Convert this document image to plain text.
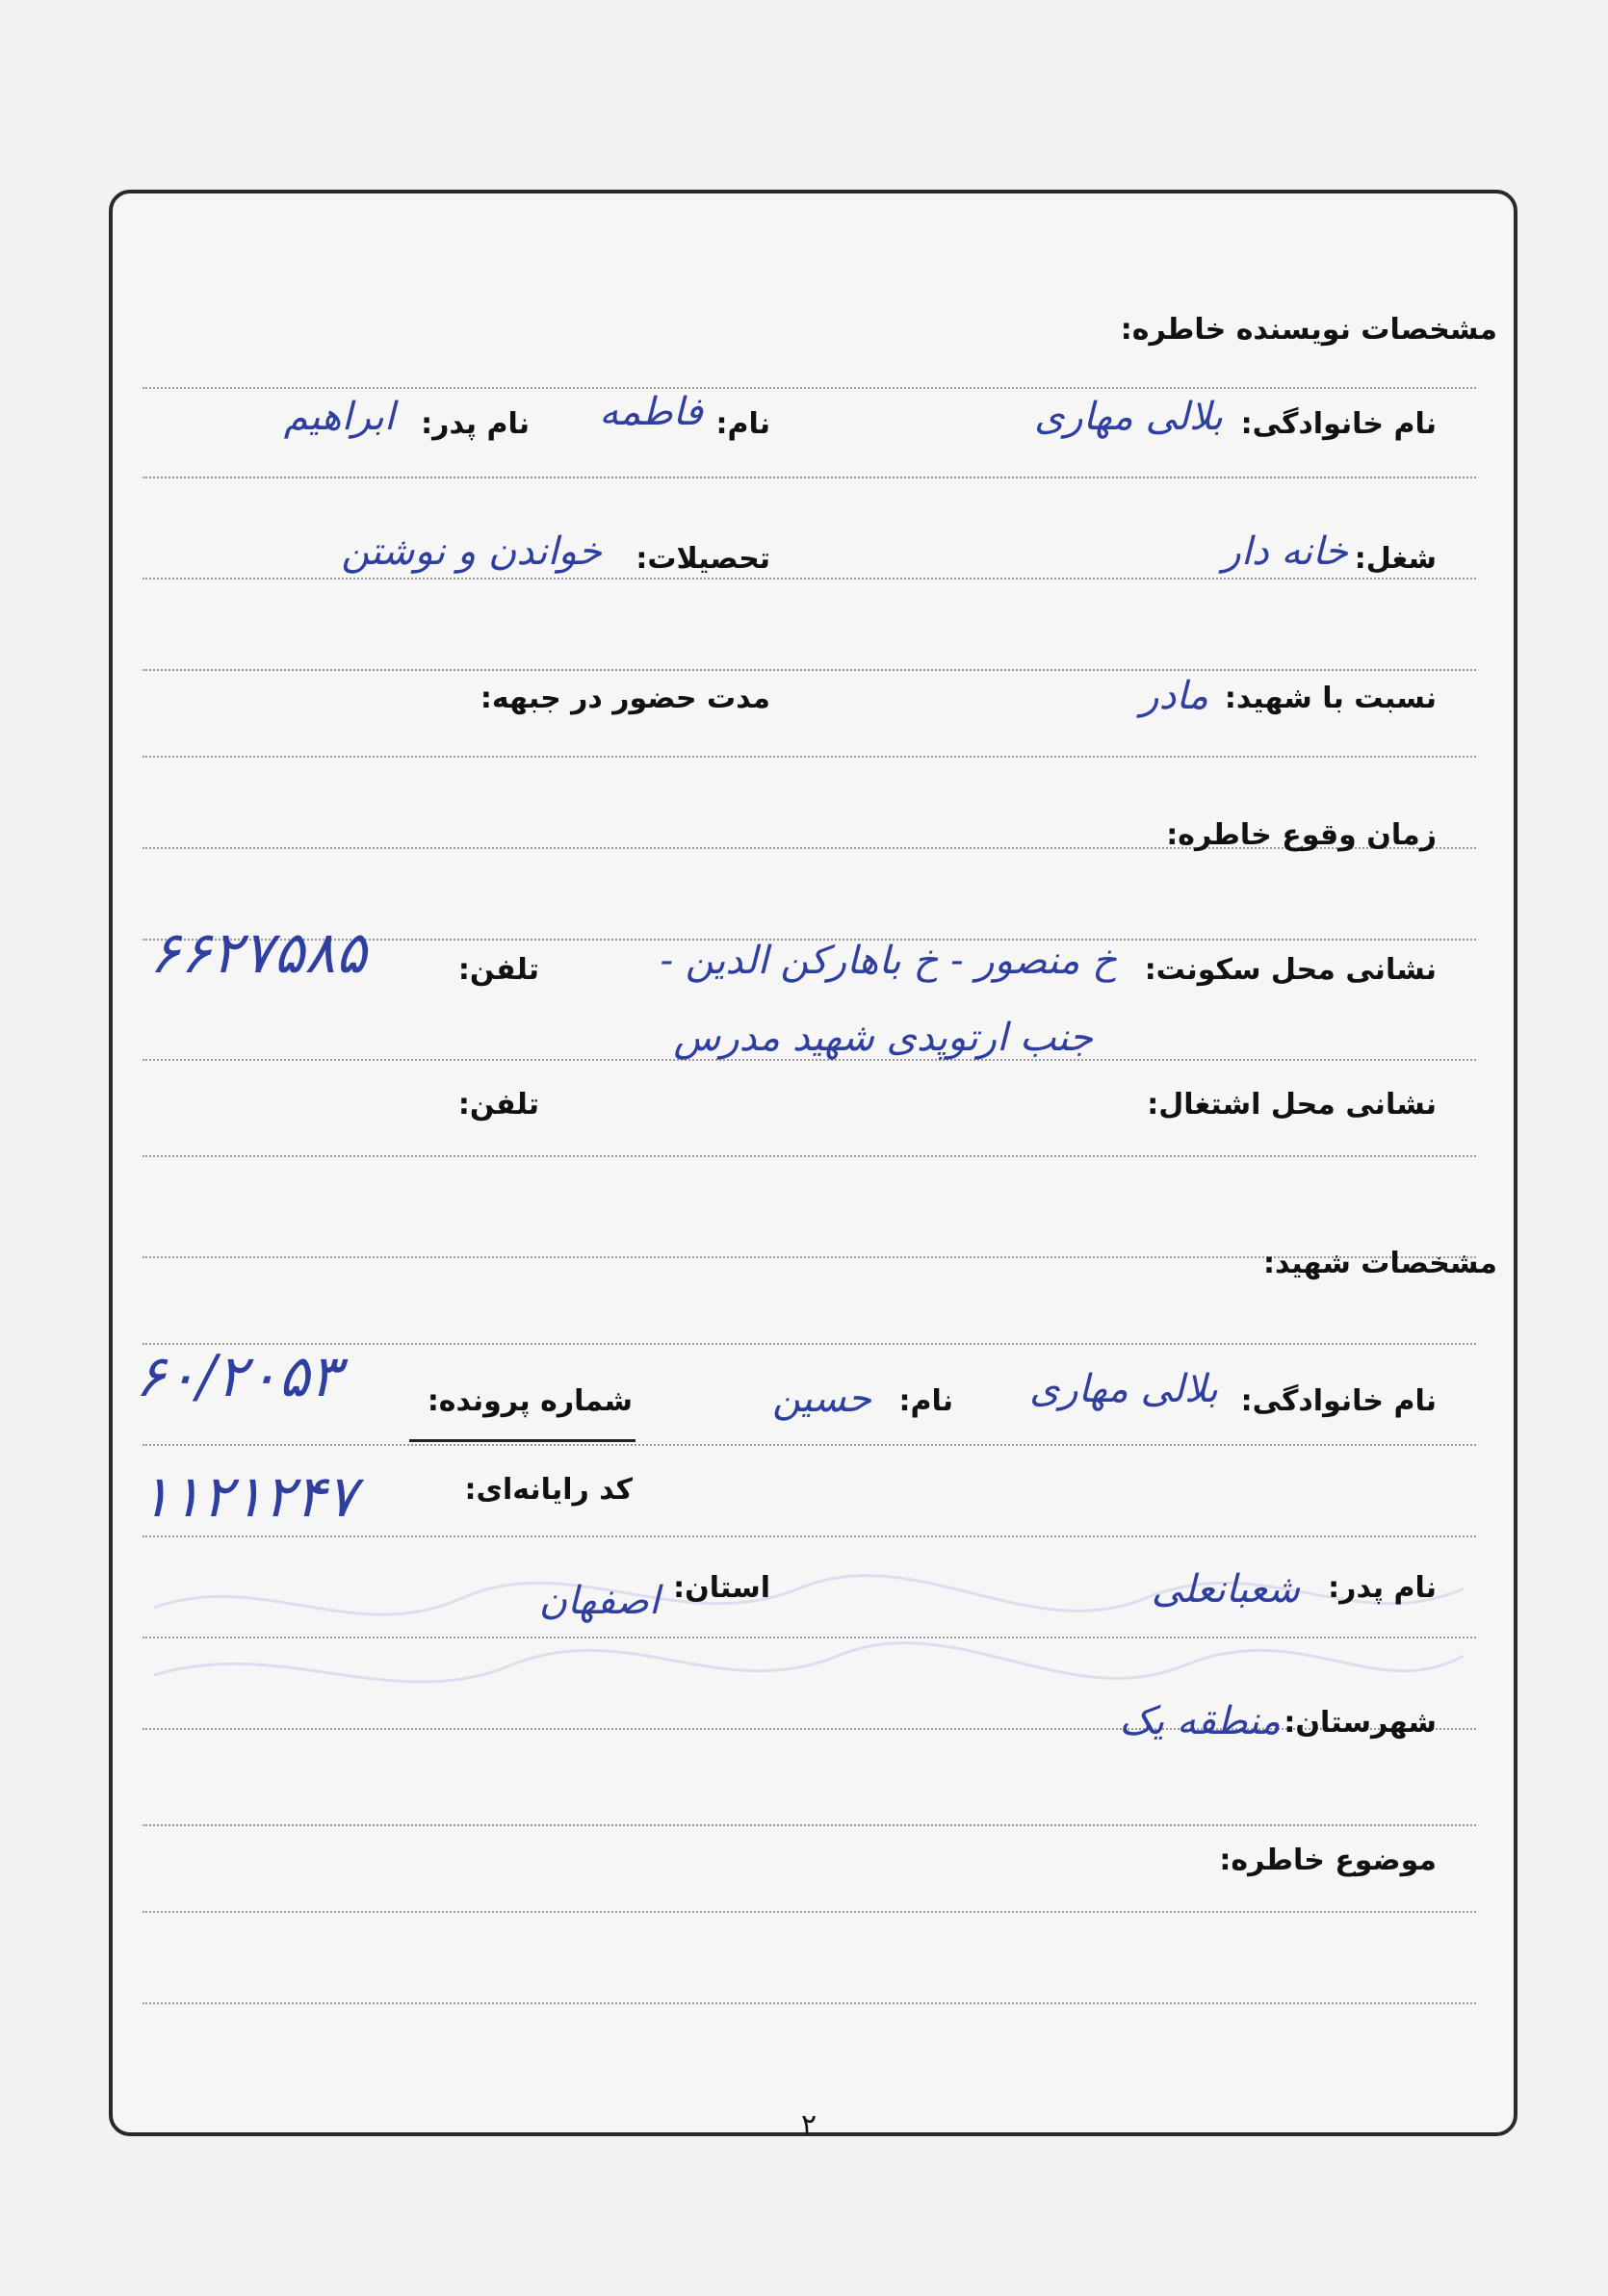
مشخصات نویسنده خاطره:
نام خانوادگی:
بلالی مهاری
نام:
فاطمه
نام پدر:
ابراهیم
شغل:
خانه دار
تحصیلات:
خواندن و نوشتن
نسبت با شهید:
مادر
مدت حضور در جبهه:
زمان وقوع خاطره:
نشانی محل سکونت:
خ منصور - خ باهارکن الدین -
جنب ارتوپدی شهید مدرس
تلفن:
۶۶۲۷۵۸۵
نشانی محل اشتغال:
تلفن:
مشخصات شهید:
نام خانوادگی:
بلالی مهاری
نام:
حسین
شماره پرونده:
۶۰/۲۰۵۳
کد رایانه‌ای:
۱۱۲۱۲۴۷
نام پدر:
شعبانعلی
استان:
اصفهان
شهرستان:
منطقه یک
موضوع خاطره:
۲
